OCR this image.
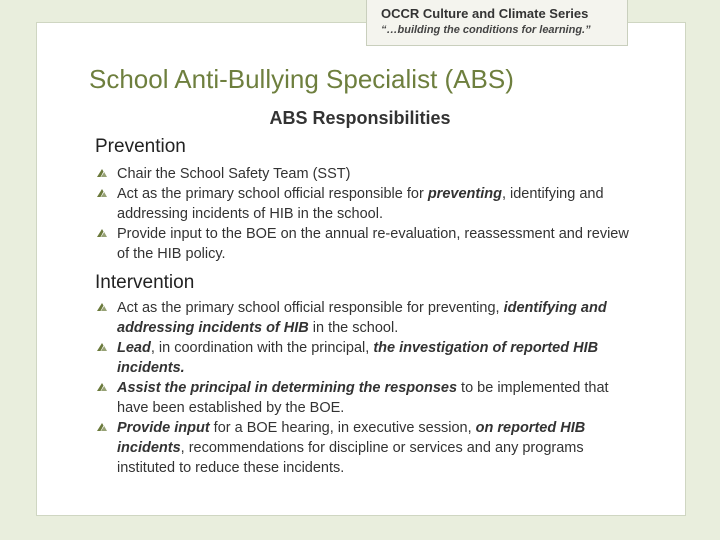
OCCR Culture and Climate Series
“…building the conditions for learning.”
School Anti-Bullying Specialist (ABS)
ABS Responsibilities
Prevention
Chair the School Safety Team (SST)
Act as the primary school official responsible for preventing, identifying and addressing incidents of HIB in the school.
Provide input to the BOE on the annual re-evaluation, reassessment and review of the HIB policy.
Intervention
Act as the primary school official responsible for preventing, identifying and addressing incidents of HIB in the school.
Lead, in coordination with the principal, the investigation of reported HIB incidents.
Assist the principal in determining the responses to be implemented that have been established by the BOE.
Provide input for a BOE hearing, in executive session, on reported HIB incidents, recommendations for discipline or services and any programs instituted to reduce these incidents.
